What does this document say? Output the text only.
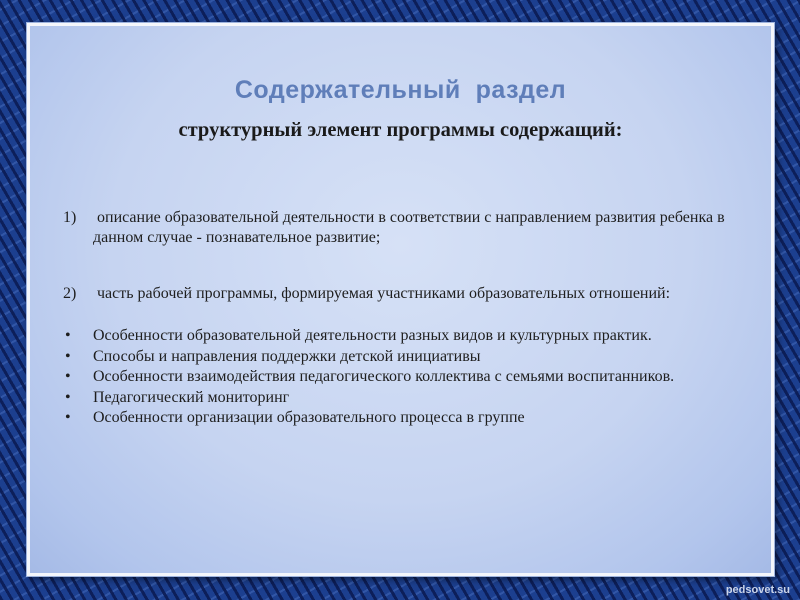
Содержательный  раздел
структурный элемент программы содержащий:
1) описание образовательной деятельности в соответствии с направлением развития ребенка в данном случае - познавательное развитие;
2) часть рабочей программы, формируемая участниками образовательных отношений:
• Особенности образовательной деятельности разных видов и культурных практик.
• Способы и направления поддержки детской инициативы
• Особенности взаимодействия педагогического коллектива с семьями воспитанников.
• Педагогический мониторинг
• Особенности организации образовательного процесса в группе
pedsovet.su
